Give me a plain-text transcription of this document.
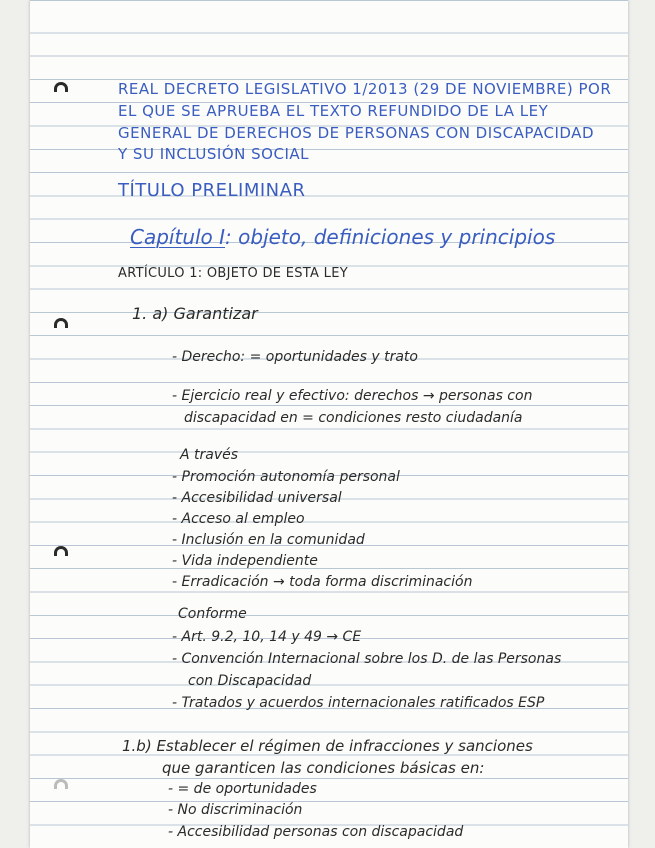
REAL DECRETO LEGISLATIVO 1/2013 (29 DE NOVIEMBRE) POR
EL QUE SE APRUEBA EL TEXTO REFUNDIDO DE LA LEY
GENERAL DE DERECHOS DE PERSONAS CON DISCAPACIDAD
Y SU INCLUSIÓN SOCIAL
TÍTULO PRELIMINAR
Capítulo I: objeto, definiciones y principios
ARTÍCULO 1: OBJETO DE ESTA LEY
1. a) Garantizar
- Derecho: = oportunidades y trato
- Ejercicio real y efectivo: derechos → personas con
discapacidad en = condiciones resto ciudadanía
A través
- Promoción autonomía personal
- Accesibilidad universal
- Acceso al empleo
- Inclusión en la comunidad
- Vida independiente
- Erradicación → toda forma discriminación
Conforme
- Art. 9.2, 10, 14 y 49 → CE
- Convención Internacional sobre los D. de las Personas
con Discapacidad
- Tratados y acuerdos internacionales ratificados ESP
1.b) Establecer el régimen de infracciones y sanciones
que garanticen las condiciones básicas en:
- = de oportunidades
- No discriminación
- Accesibilidad personas con discapacidad
